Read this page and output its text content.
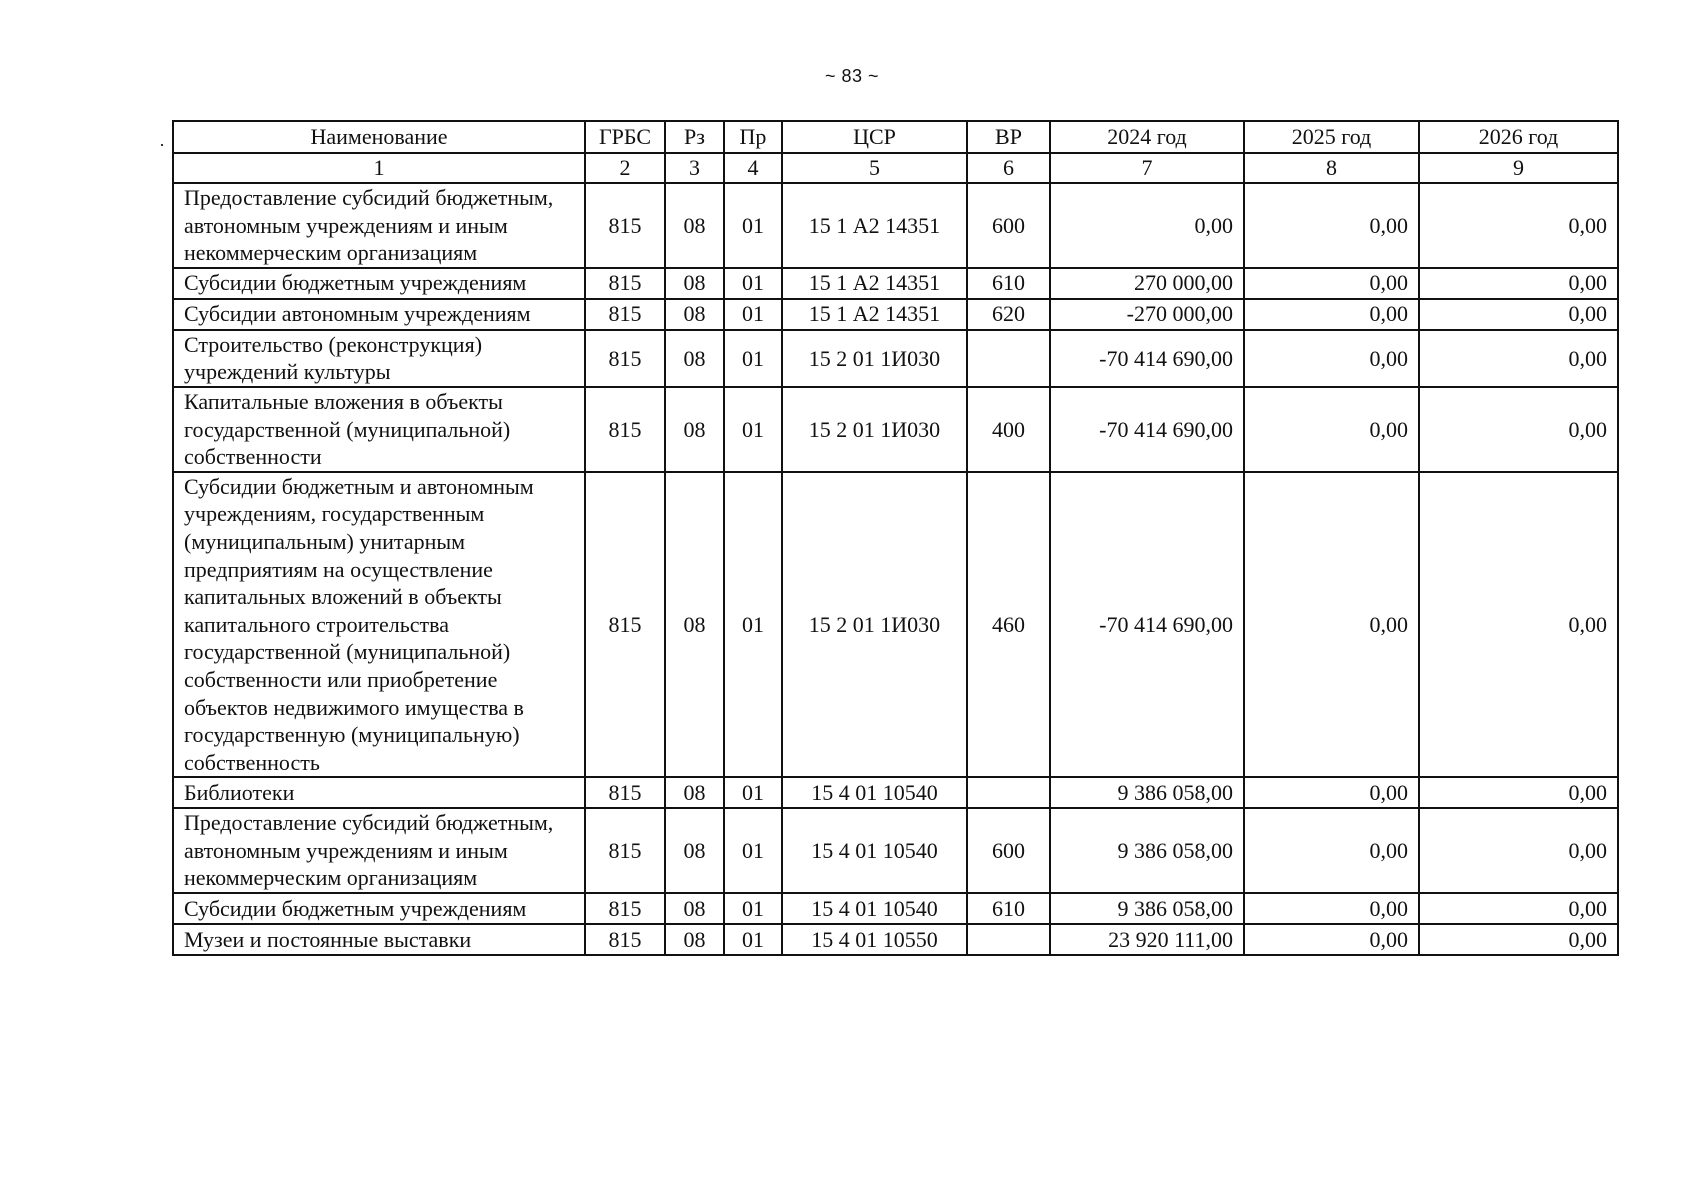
~ 83 ~
Наименование	ГРБС	Рз	Пр	ЦСР	ВР	2024 год	2025 год	2026 год
1	2	3	4	5	6	7	8	9
Предоставление субсидий бюджетным, автономным учреждениям и иным некоммерческим организациям	815	08	01	15 1 А2 14351	600	0,00	0,00	0,00
Субсидии бюджетным учреждениям	815	08	01	15 1 А2 14351	610	270 000,00	0,00	0,00
Субсидии автономным учреждениям	815	08	01	15 1 А2 14351	620	-270 000,00	0,00	0,00
Строительство (реконструкция) учреждений культуры	815	08	01	15 2 01 1И030		-70 414 690,00	0,00	0,00
Капитальные вложения в объекты государственной (муниципальной) собственности	815	08	01	15 2 01 1И030	400	-70 414 690,00	0,00	0,00
Субсидии бюджетным и автономным учреждениям, государственным (муниципальным) унитарным предприятиям на осуществление капитальных вложений в объекты капитального строительства государственной (муниципальной) собственности или приобретение объектов недвижимого имущества в государственную (муниципальную) собственность	815	08	01	15 2 01 1И030	460	-70 414 690,00	0,00	0,00
Библиотеки	815	08	01	15 4 01 10540		9 386 058,00	0,00	0,00
Предоставление субсидий бюджетным, автономным учреждениям и иным некоммерческим организациям	815	08	01	15 4 01 10540	600	9 386 058,00	0,00	0,00
Субсидии бюджетным учреждениям	815	08	01	15 4 01 10540	610	9 386 058,00	0,00	0,00
Музеи и постоянные выставки	815	08	01	15 4 01 10550		23 920 111,00	0,00	0,00
